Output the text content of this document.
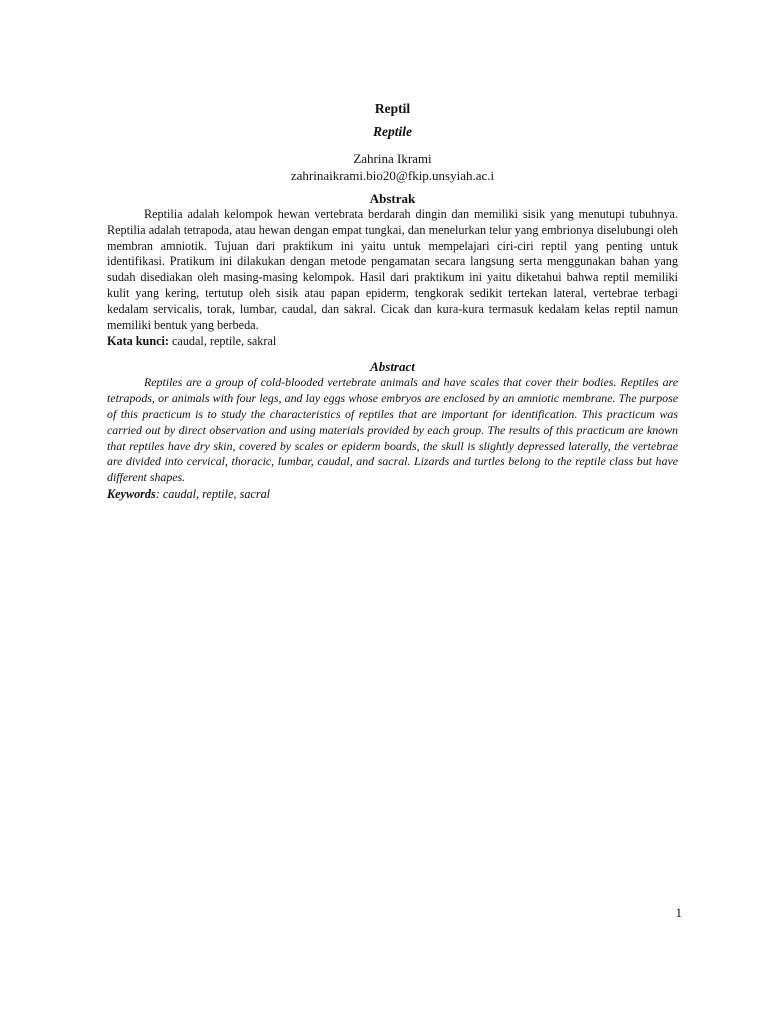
Reptil

Reptile

Zahrina Ikrami

zahrinaikrami.bio20@fkip.unsyiah.ac.i

Abstrak

Reptilia adalah kelompok hewan vertebrata berdarah dingin dan memiliki sisik yang menutupi tubuhnya. Reptilia adalah tetrapoda, atau hewan dengan empat tungkai, dan menelurkan telur yang embrionya diselubungi oleh membran amniotik. Tujuan dari praktikum ini yaitu untuk mempelajari ciri-ciri reptil yang penting untuk identifikasi. Pratikum ini dilakukan dengan metode pengamatan secara langsung serta menggunakan bahan yang sudah disediakan oleh masing-masing kelompok. Hasil dari praktikum ini yaitu diketahui bahwa reptil memiliki kulit yang kering, tertutup oleh sisik atau papan epiderm, tengkorak sedikit tertekan lateral, vertebrae terbagi kedalam servicalis, torak, lumbar, caudal, dan sakral. Cicak dan kura-kura termasuk kedalam kelas reptil namun memiliki bentuk yang berbeda.

Kata kunci: caudal, reptile, sakral

Abstract

Reptiles are a group of cold-blooded vertebrate animals and have scales that cover their bodies. Reptiles are tetrapods, or animals with four legs, and lay eggs whose embryos are enclosed by an amniotic membrane. The purpose of this practicum is to study the characteristics of reptiles that are important for identification. This practicum was carried out by direct observation and using materials provided by each group. The results of this practicum are known that reptiles have dry skin, covered by scales or epiderm boards, the skull is slightly depressed laterally, the vertebrae are divided into cervical, thoracic, lumbar, caudal, and sacral. Lizards and turtles belong to the reptile class but have different shapes.

Keywords: caudal, reptile, sacral

1
